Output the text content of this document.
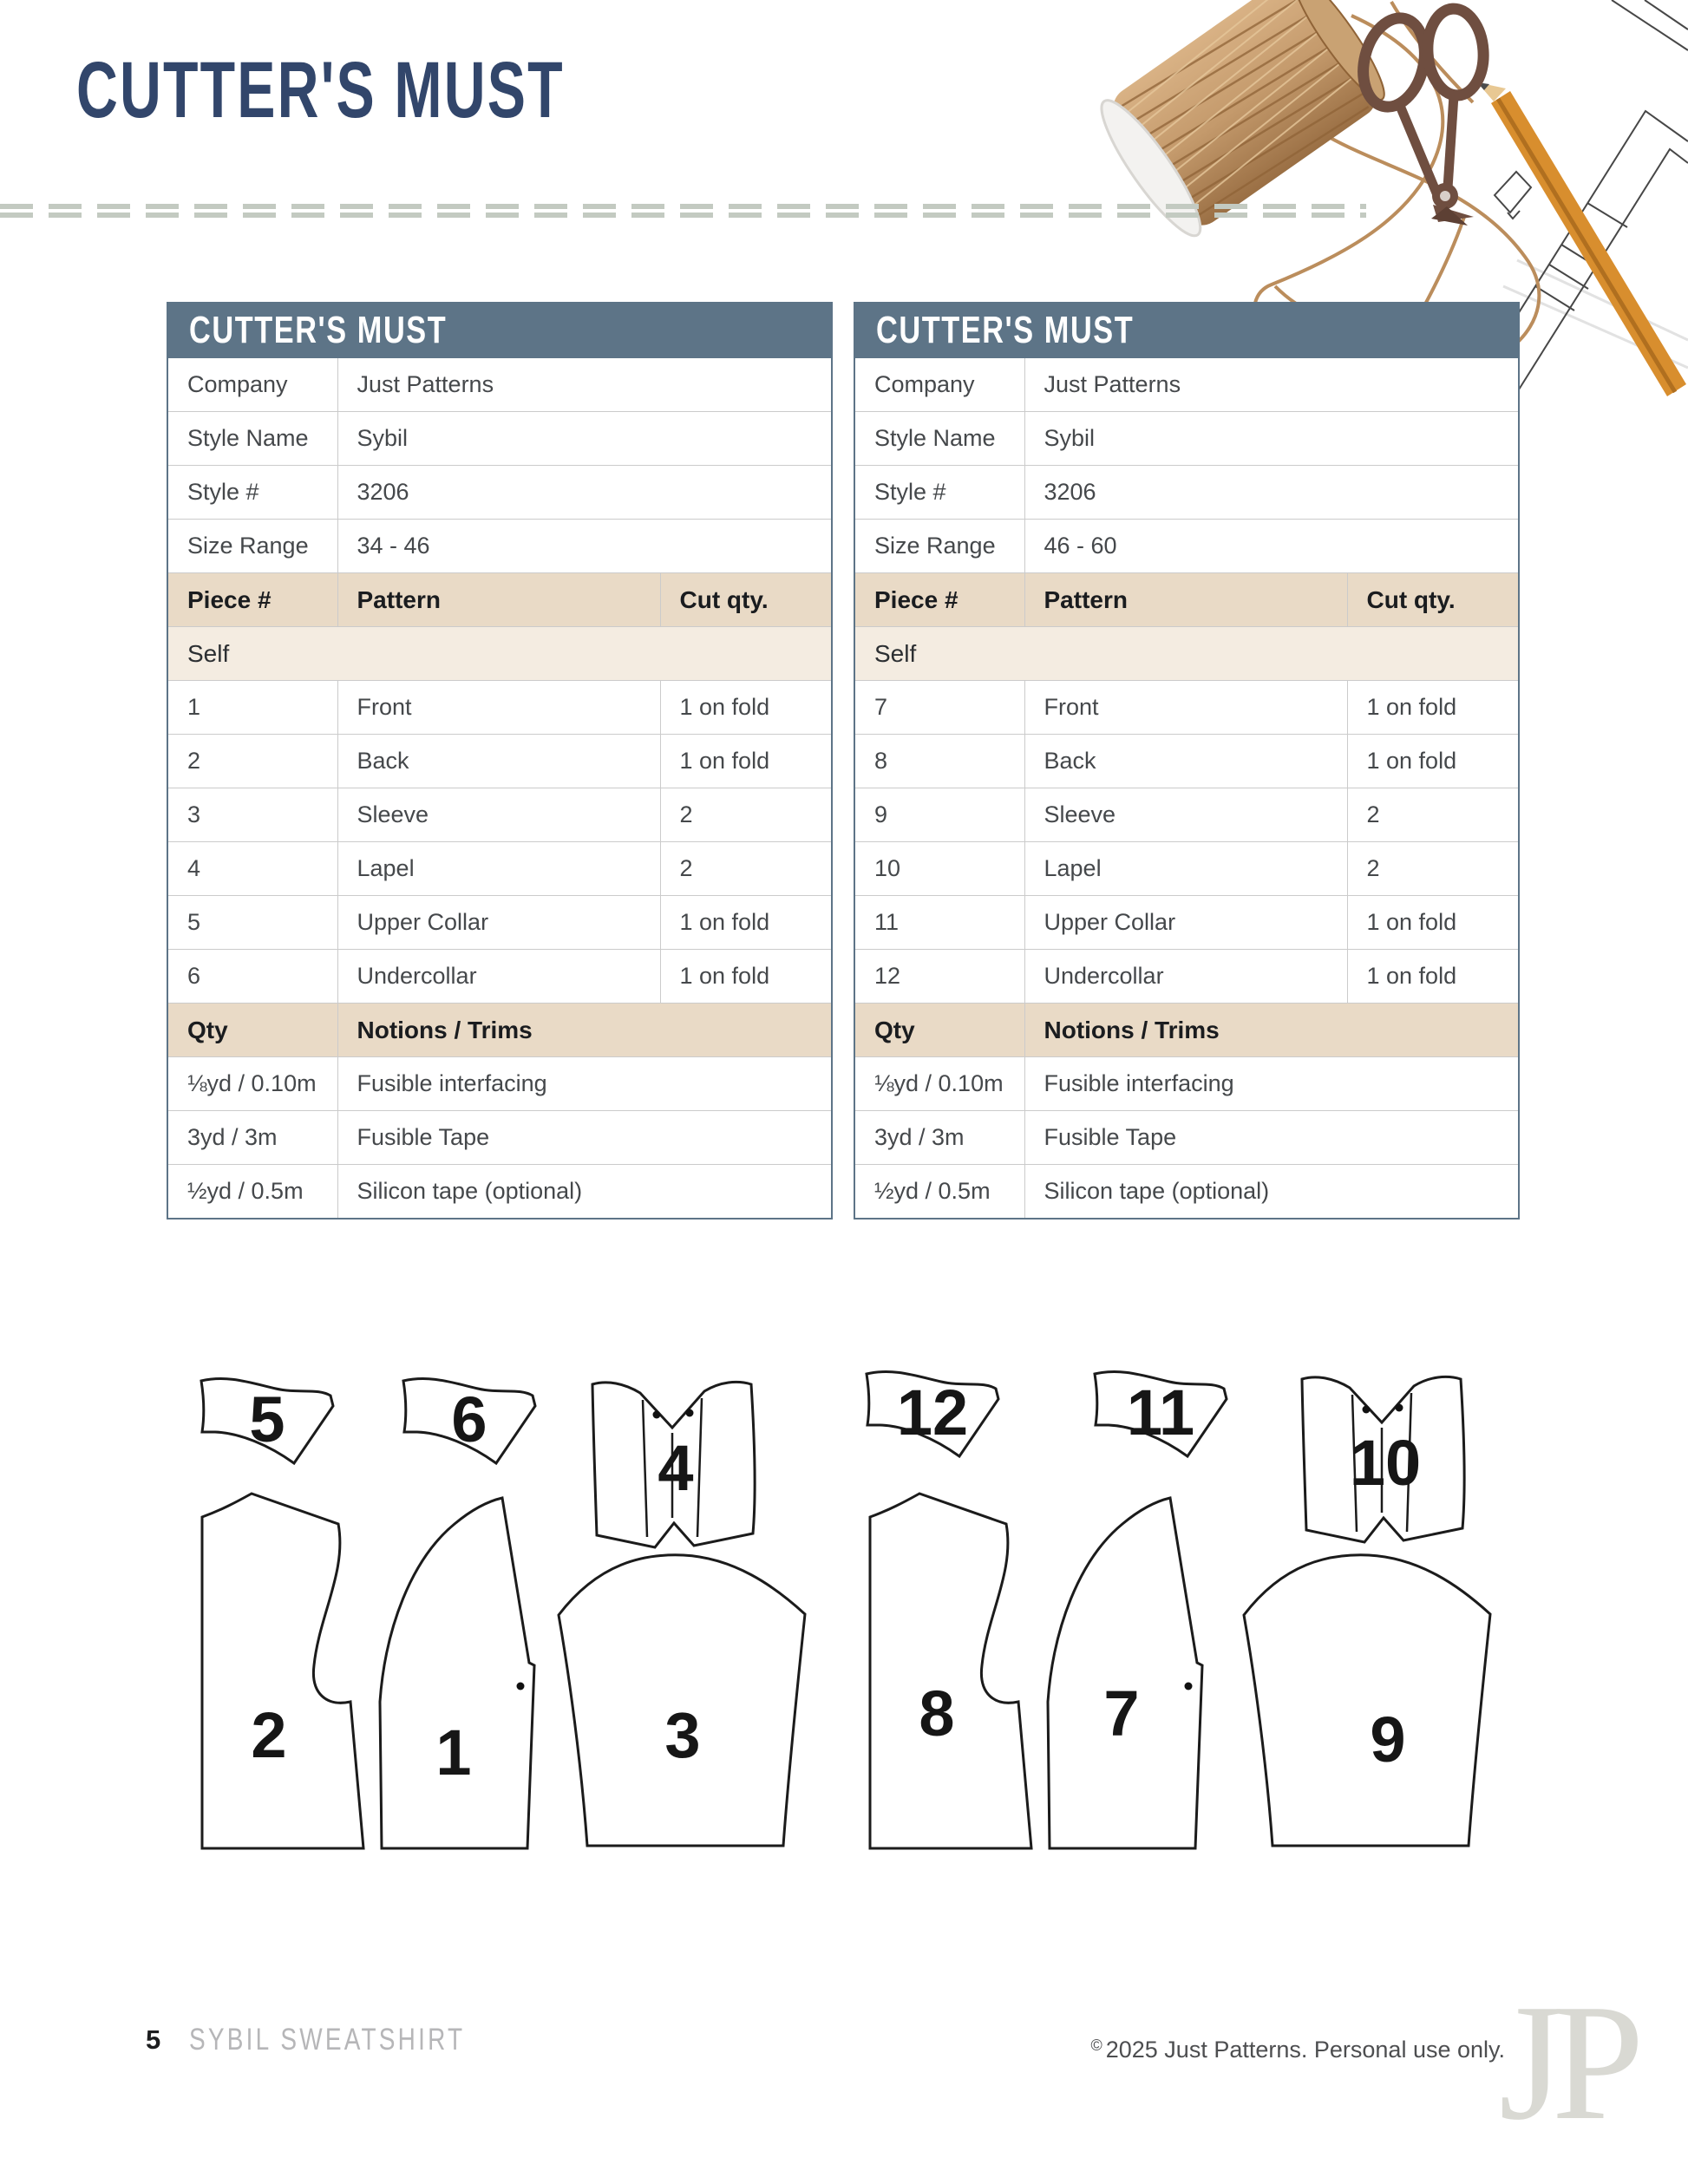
CUTTER'S MUST
CUTTER'S MUST		
Company	Just Patterns	
Style Name	Sybil	
Style #	3206	
Size Range	34 - 46	
Piece #	Pattern	Cut qty.
Self		
1	Front	1 on fold
2	Back	1 on fold
3	Sleeve	2
4	Lapel	2
5	Upper Collar	1 on fold
6	Undercollar	1 on fold
Qty	Notions / Trims	
⅛yd / 0.10m	Fusible interfacing	
3yd / 3m	Fusible Tape	
½yd / 0.5m	Silicon tape (optional)	
CUTTER'S MUST		
Company	Just Patterns	
Style Name	Sybil	
Style #	3206	
Size Range	46 - 60	
Piece #	Pattern	Cut qty.
Self		
7	Front	1 on fold
8	Back	1 on fold
9	Sleeve	2
10	Lapel	2
11	Upper Collar	1 on fold
12	Undercollar	1 on fold
Qty	Notions / Trims	
⅛yd / 0.10m	Fusible interfacing	
3yd / 3m	Fusible Tape	
½yd / 0.5m	Silicon tape (optional)	
5	6
4
2 1	3
12 11
10
8 7	9
5 SYBIL SWEATSHIRT	© 2025 Just Patterns. Personal use only.
JP
